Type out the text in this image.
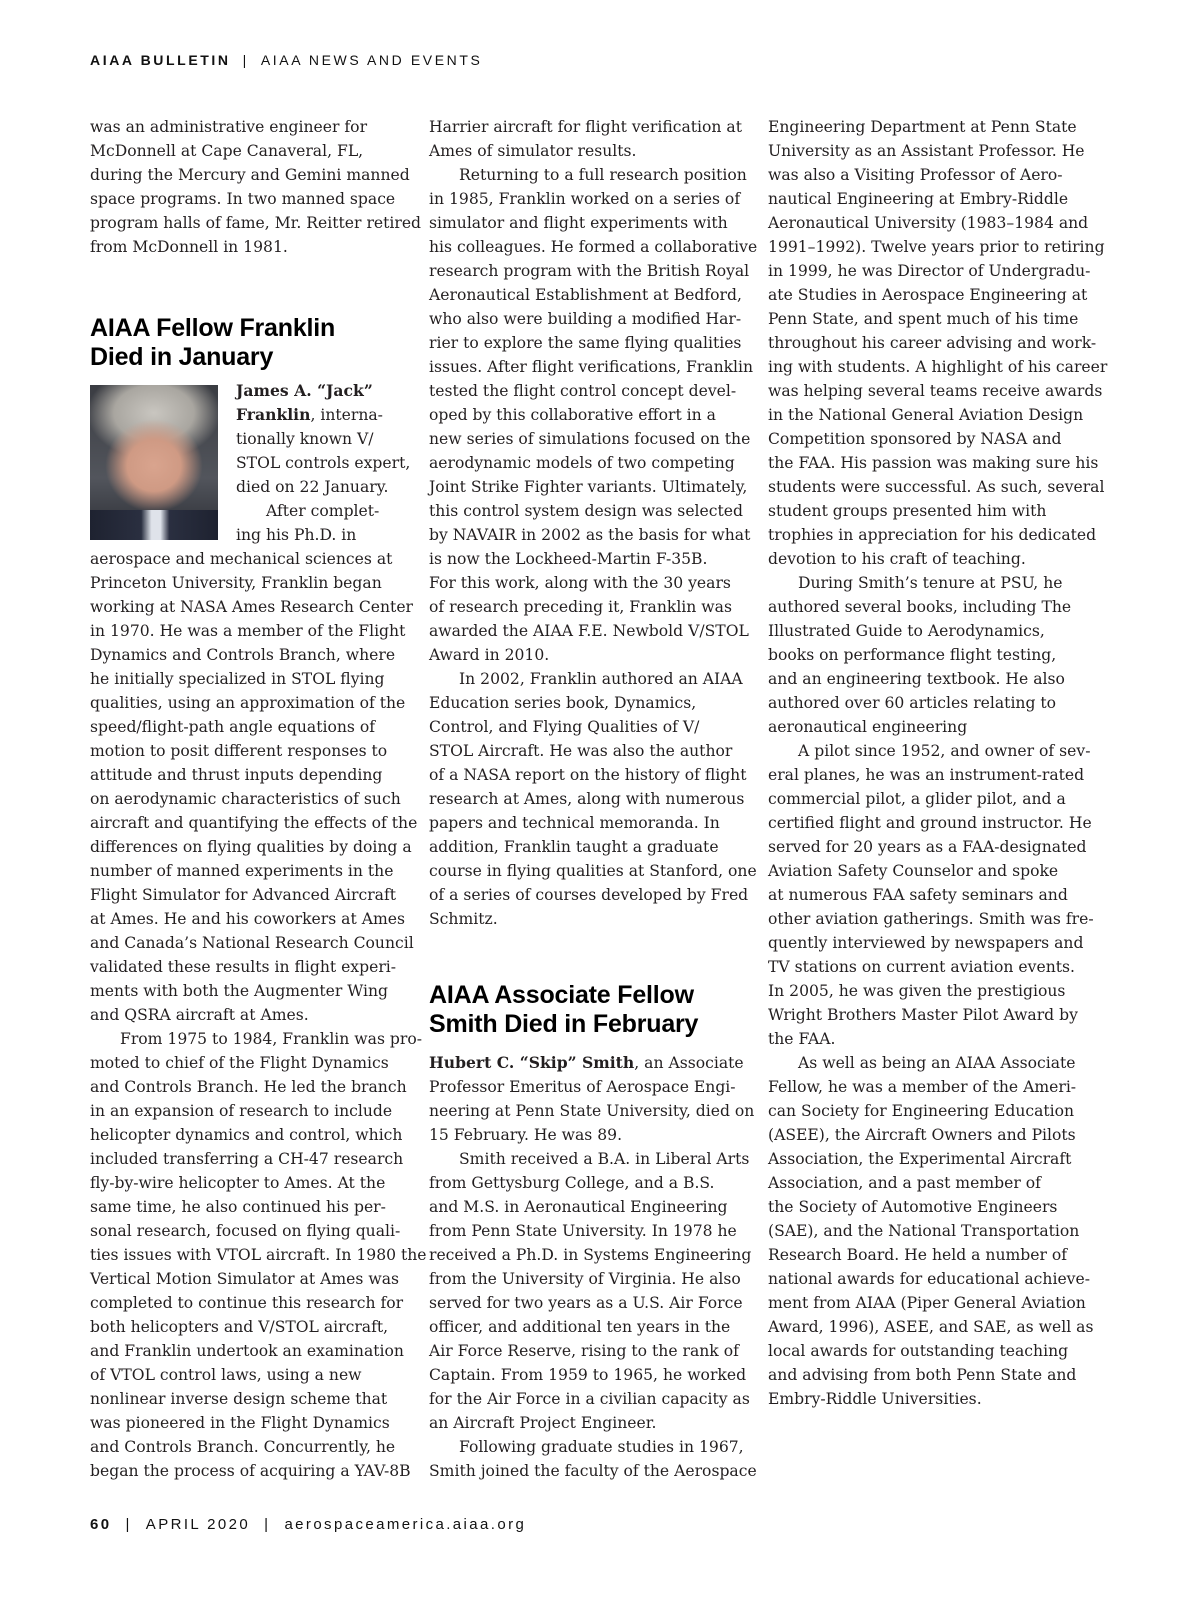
AIAA BULLETIN | AIAA NEWS AND EVENTS
was an administrative engineer for
McDonnell at Cape Canaveral, FL,
during the Mercury and Gemini manned
space programs. In two manned space
program halls of fame, Mr. Reitter retired
from McDonnell in 1981.
AIAA Fellow Franklin
Died in January
James A. “Jack”
Franklin, interna-
tionally known V/
STOL controls expert,
died on 22 January.
After complet-
ing his Ph.D. in
aerospace and mechanical sciences at
Princeton University, Franklin began
working at NASA Ames Research Center
in 1970. He was a member of the Flight
Dynamics and Controls Branch, where
he initially specialized in STOL flying
qualities, using an approximation of the
speed/flight-path angle equations of
motion to posit different responses to
attitude and thrust inputs depending
on aerodynamic characteristics of such
aircraft and quantifying the effects of the
differences on flying qualities by doing a
number of manned experiments in the
Flight Simulator for Advanced Aircraft
at Ames. He and his coworkers at Ames
and Canada’s National Research Council
validated these results in flight experi-
ments with both the Augmenter Wing
and QSRA aircraft at Ames.
From 1975 to 1984, Franklin was pro-
moted to chief of the Flight Dynamics
and Controls Branch. He led the branch
in an expansion of research to include
helicopter dynamics and control, which
included transferring a CH-47 research
fly-by-wire helicopter to Ames. At the
same time, he also continued his per-
sonal research, focused on flying quali-
ties issues with VTOL aircraft. In 1980 the
Vertical Motion Simulator at Ames was
completed to continue this research for
both helicopters and V/STOL aircraft,
and Franklin undertook an examination
of VTOL control laws, using a new
nonlinear inverse design scheme that
was pioneered in the Flight Dynamics
and Controls Branch. Concurrently, he
began the process of acquiring a YAV-8B
Harrier aircraft for flight verification at
Ames of simulator results.
Returning to a full research position
in 1985, Franklin worked on a series of
simulator and flight experiments with
his colleagues. He formed a collaborative
research program with the British Royal
Aeronautical Establishment at Bedford,
who also were building a modified Har-
rier to explore the same flying qualities
issues. After flight verifications, Franklin
tested the flight control concept devel-
oped by this collaborative effort in a
new series of simulations focused on the
aerodynamic models of two competing
Joint Strike Fighter variants. Ultimately,
this control system design was selected
by NAVAIR in 2002 as the basis for what
is now the Lockheed-Martin F-35B.
For this work, along with the 30 years
of research preceding it, Franklin was
awarded the AIAA F.E. Newbold V/STOL
Award in 2010.
In 2002, Franklin authored an AIAA
Education series book, Dynamics,
Control, and Flying Qualities of V/
STOL Aircraft. He was also the author
of a NASA report on the history of flight
research at Ames, along with numerous
papers and technical memoranda. In
addition, Franklin taught a graduate
course in flying qualities at Stanford, one
of a series of courses developed by Fred
Schmitz.
AIAA Associate Fellow
Smith Died in February
Hubert C. “Skip” Smith, an Associate
Professor Emeritus of Aerospace Engi-
neering at Penn State University, died on
15 February. He was 89.
Smith received a B.A. in Liberal Arts
from Gettysburg College, and a B.S.
and M.S. in Aeronautical Engineering
from Penn State University. In 1978 he
received a Ph.D. in Systems Engineering
from the University of Virginia. He also
served for two years as a U.S. Air Force
officer, and additional ten years in the
Air Force Reserve, rising to the rank of
Captain. From 1959 to 1965, he worked
for the Air Force in a civilian capacity as
an Aircraft Project Engineer.
Following graduate studies in 1967,
Smith joined the faculty of the Aerospace
Engineering Department at Penn State
University as an Assistant Professor. He
was also a Visiting Professor of Aero-
nautical Engineering at Embry-Riddle
Aeronautical University (1983–1984 and
1991–1992). Twelve years prior to retiring
in 1999, he was Director of Undergradu-
ate Studies in Aerospace Engineering at
Penn State, and spent much of his time
throughout his career advising and work-
ing with students. A highlight of his career
was helping several teams receive awards
in the National General Aviation Design
Competition sponsored by NASA and
the FAA. His passion was making sure his
students were successful. As such, several
student groups presented him with
trophies in appreciation for his dedicated
devotion to his craft of teaching.
During Smith’s tenure at PSU, he
authored several books, including The
Illustrated Guide to Aerodynamics,
books on performance flight testing,
and an engineering textbook. He also
authored over 60 articles relating to
aeronautical engineering
A pilot since 1952, and owner of sev-
eral planes, he was an instrument-rated
commercial pilot, a glider pilot, and a
certified flight and ground instructor. He
served for 20 years as a FAA-designated
Aviation Safety Counselor and spoke
at numerous FAA safety seminars and
other aviation gatherings. Smith was fre-
quently interviewed by newspapers and
TV stations on current aviation events.
In 2005, he was given the prestigious
Wright Brothers Master Pilot Award by
the FAA.
As well as being an AIAA Associate
Fellow, he was a member of the Ameri-
can Society for Engineering Education
(ASEE), the Aircraft Owners and Pilots
Association, the Experimental Aircraft
Association, and a past member of
the Society of Automotive Engineers
(SAE), and the National Transportation
Research Board. He held a number of
national awards for educational achieve-
ment from AIAA (Piper General Aviation
Award, 1996), ASEE, and SAE, as well as
local awards for outstanding teaching
and advising from both Penn State and
Embry-Riddle Universities.
60 | APRIL 2020 | aerospaceamerica.aiaa.org
